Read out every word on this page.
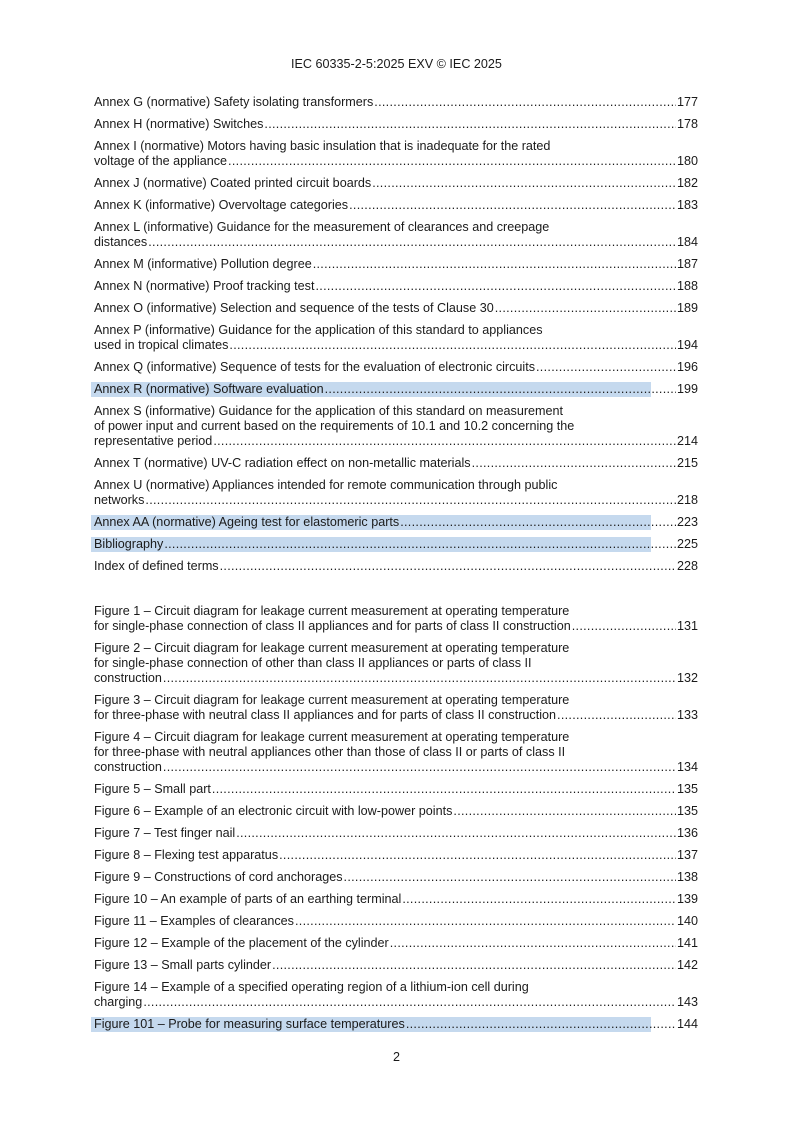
IEC 60335-2-5:2025 EXV © IEC 2025
Annex G (normative) Safety isolating transformers .....	177
Annex H (normative) Switches .....	178
Annex I (normative) Motors having basic insulation that is inadequate for the rated
voltage of the appliance .....	180
Annex J (normative) Coated printed circuit boards .....	182
Annex K (informative) Overvoltage categories .....	183
Annex L (informative) Guidance for the measurement of clearances and creepage
distances .....	184
Annex M (informative) Pollution degree .....	187
Annex N (normative) Proof tracking test .....	188
Annex O (informative) Selection and sequence of the tests of Clause 30 .....	189
Annex P (informative) Guidance for the application of this standard to appliances
used in tropical climates .....	194
Annex Q (informative) Sequence of tests for the evaluation of electronic circuits .....	196
Annex R (normative) Software evaluation .....	199
Annex S (informative) Guidance for the application of this standard on measurement
of power input and current based on the requirements of 10.1 and 10.2 concerning the
representative period .....	214
Annex T (normative) UV-C radiation effect on non-metallic materials .....	215
Annex U (normative) Appliances intended for remote communication through public
networks .....	218
Annex AA (normative) Ageing test for elastomeric parts .....	223
Bibliography .....	225
Index of defined terms .....	228
Figure 1 – Circuit diagram for leakage current measurement at operating temperature
for single-phase connection of class II appliances and for parts of class II construction .....	131
Figure 2 – Circuit diagram for leakage current measurement at operating temperature
for single-phase connection of other than class II appliances or parts of class II
construction .....	132
Figure 3 – Circuit diagram for leakage current measurement at operating temperature
for three-phase with neutral class II appliances and for parts of class II construction .....	133
Figure 4 – Circuit diagram for leakage current measurement at operating temperature
for three-phase with neutral appliances other than those of class II or parts of class II
construction .....	134
Figure 5 – Small part .....	135
Figure 6 – Example of an electronic circuit with low-power points .....	135
Figure 7 – Test finger nail .....	136
Figure 8 – Flexing test apparatus .....	137
Figure 9 – Constructions of cord anchorages .....	138
Figure 10 – An example of parts of an earthing terminal .....	139
Figure 11 – Examples of clearances .....	140
Figure 12 – Example of the placement of the cylinder .....	141
Figure 13 – Small parts cylinder .....	142
Figure 14 – Example of a specified operating region of a lithium-ion cell during
charging .....	143
Figure 101 – Probe for measuring surface temperatures .....	144
2
